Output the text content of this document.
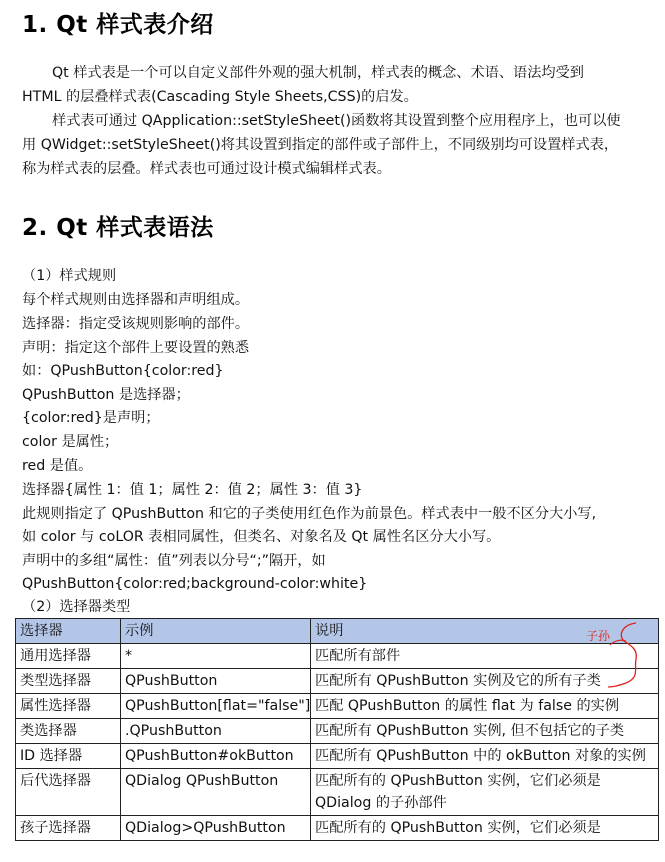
1. Qt 样式表介绍
Qt 样式表是一个可以自定义部件外观的强大机制，样式表的概念、术语、语法均受到
HTML 的层叠样式表(Cascading Style Sheets,CSS)的启发。
样式表可通过 QApplication::setStyleSheet()函数将其设置到整个应用程序上，也可以使
用 QWidget::setStyleSheet()将其设置到指定的部件或子部件上，不同级别均可设置样式表，
称为样式表的层叠。样式表也可通过设计模式编辑样式表。
2. Qt 样式表语法
（1）样式规则
每个样式规则由选择器和声明组成。
选择器：指定受该规则影响的部件。
声明：指定这个部件上要设置的熟悉
如：QPushButton{color:red}
QPushButton 是选择器；
{color:red}是声明；
color 是属性；
red 是值。
选择器{属性 1：值 1；属性 2：值 2；属性 3：值 3}
此规则指定了 QPushButton 和它的子类使用红色作为前景色。样式表中一般不区分大小写,
如 color 与 coLOR 表相同属性，但类名、对象名及 Qt 属性名区分大小写。
声明中的多组“属性：值”列表以分号“;”隔开，如
QPushButton{color:red;background-color:white}
（2）选择器类型
选择器	示例	说明
通用选择器	*	匹配所有部件
类型选择器	QPushButton	匹配所有 QPushButton 实例及它的所有子类
属性选择器	QPushButton[flat="false"]	匹配 QPushButton 的属性 flat 为 false 的实例
类选择器	.QPushButton	匹配所有 QPushButton 实例, 但不包括它的子类
ID 选择器	QPushButton#okButton	匹配所有 QPushButton 中的 okButton 对象的实例
后代选择器	QDialog QPushButton	匹配所有的 QPushButton 实例，它们必须是 QDialog 的子孙部件
孩子选择器	QDialog>QPushButton	匹配所有的 QPushButton 实例，它们必须是
子孙
